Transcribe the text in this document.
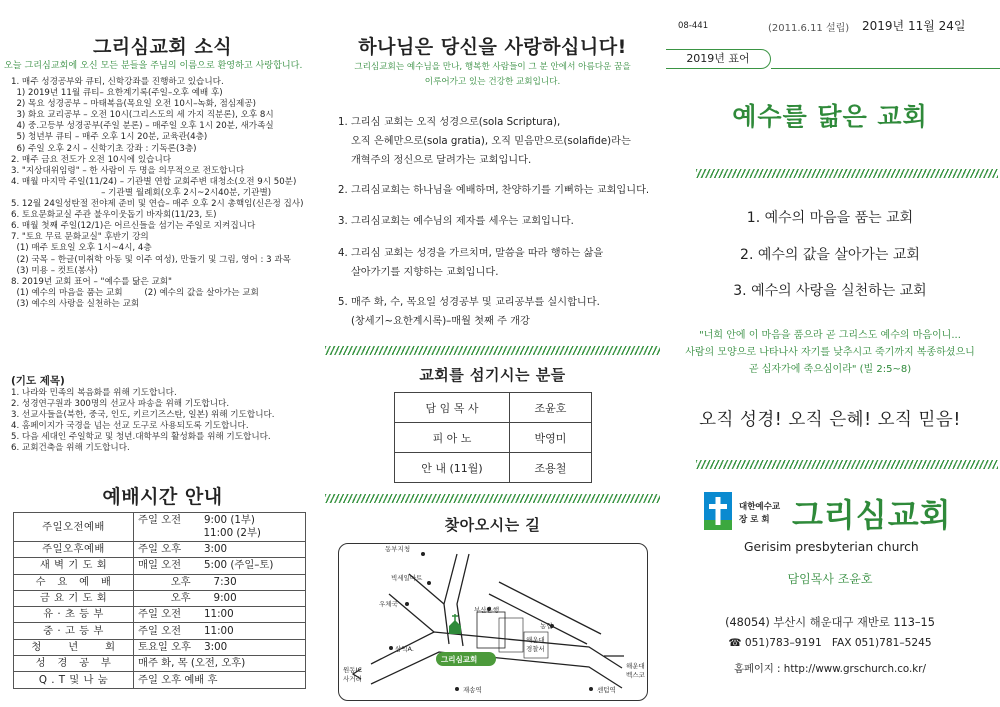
그리심교회 소식
오늘 그리심교회에 오신 모든 분들을 주님의 이름으로 환영하고 사랑합니다.
1. 매주 성경공부와 큐티, 신학강좌를 진행하고 있습니다.
1) 2019년 11월 큐티– 요한계기록(주일–오후 예배 후)
2) 목요 성경공부 – 마태복음(목요일 오전 10시–녹화, 점심제공)
3) 화요 교리공부 – 오전 10시(그리스도의 세 가지 직분론), 오후 8시
4) 중.고등부 성경공부(주일 분론) – 매주일 오후 1시 20분, 새가족실
5) 청년부 큐티 – 매주 오후 1시 20분, 교육관(4층)
6) 주일 오후 2시 – 신학기초 강좌 : 기독론(3층)
2. 매주 금요 전도가 오전 10시에 있습니다
3. "지상대위임령" – 한 사람이 두 명을 의무적으로 전도합니다
4. 매월 마지막 주일(11/24) – 기관별 연합 교회주변 대청소(오전 9시 50분)
– 기관별 월례회(오후 2시~2시40분, 기관별)
5. 12월 24일성탄절 전야제 준비 및 연습– 매주 오후 2시 총핵임(신은정 집사)
6. 토요문화교실 주관 불우이웃돕기 바자회(11/23, 토)
6. 매월 첫째 주일(12/1)은 어르신들을 섬기는 주일로 지켜집니다
7. "토요 무료 문화교실" 후반기 강의
(1) 매주 토요일 오후 1시~4시, 4층
(2) 국목 – 한글(미취학 아동 및 이주 여성), 만들기 및 그림, 영어 : 3 과목
(3) 미용 – 컷트(봉사)
8. 2019년 교회 표어 – "예수를 닮은 교회"
(1) 예수의 마음을 품는 교회        (2) 예수의 값을 살아가는 교회
(3) 예수의 사랑을 실천하는 교회
(기도 제목)
1. 나라와 민족의 복음화를 위해 기도합니다.
2. 성경연구원과 300명의 선교사 파송을 위해 기도합니다.
3. 선교사들을(북한, 중국, 인도, 키르기즈스탄, 일본) 위해 기도합니다.
4. 홈페이지가 국경을 넘는 선교 도구로 사용되도록 기도합니다.
5. 다음 세대인 주일학교 및 청년.대학부의 활성화를 위해 기도합니다.
6. 교회건축을 위해 기도합니다.
예배시간 안내
주일오전예배	주일 오전       9:00 (1부)
11:00 (2부)
주일오후예배	주일 오후       3:00
새 벽 기 도 회	매일 오전       5:00 (주일–토)
수   요   예   배	오후       7:30
금 요 기 도 회	오후       9:00
유 · 초 등 부	주일 오전       11:00
중 · 고 등 부	주일 오전       11:00
청       년       회	토요일 오후    3:00
성   경   공   부	매주 화, 목 (오전, 오후)
Q . T 및 나 눔	주일 오후 예배 후
하나님은 당신을 사랑하십니다!
그리심교회는 예수님을 만나, 행복한 사람들이 그 분 안에서 아름다운 꿈을
이루어가고 있는 건강한 교회입니다.
1. 그리심 교회는 오직 성경으로(sola Scriptura),
오직 은혜만으로(sola gratia), 오직 믿음만으로(solafide)라는
개혁주의 정신으로 달려가는 교회입니다.
2. 그리심교회는 하나님을 예배하며, 찬양하기를 기뻐하는 교회입니다.
3. 그리심교회는 예수님의 제자를 세우는 교회입니다.
4. 그리심 교회는 성경을 가르치며, 말씀을 따라 행하는 삶을
살아가기를 지향하는 교회입니다.
5. 매주 화, 수, 목요일 성경공부 및 교리공부를 실시합니다.
(창세기~요한계시록)–매월 첫째 주 개강
교회를 섬기시는 분들
담 임 목 사	조윤호
피 아 노	박영미
안 내 (11월)	조용철
찾아오시는 길
동부지청
빅세일마트
우체국
부산은행
농협
해운대
경찰서
삼익A.
그리심교회
원동IC
사거리
해운대
벡스코
재송역	센텀역
08-441	(2011.6.11 설립) 2019년 11월 24일
2019년 표어
예수를 닮은 교회
1. 예수의 마음을 품는 교회
2. 예수의 값을 살아가는 교회
3. 예수의 사랑을 실천하는 교회
"너희 안에 이 마음을 품으라 곧 그리스도 예수의 마음이니...
사람의 모양으로 나타나사 자기를 낮추시고 죽기까지 복종하셨으니
곧 십자가에 죽으심이라" (빌 2:5~8)
오직 성경! 오직 은혜! 오직 믿음!
대한예수교
장 로 회 그리심교회
Gerisim presbyterian church
담임목사 조윤호
(48054) 부산시 해운대구 재반로 113–15
☎ 051)783–9191   FAX 051)781–5245
홈페이지 : http://www.grschurch.co.kr/
